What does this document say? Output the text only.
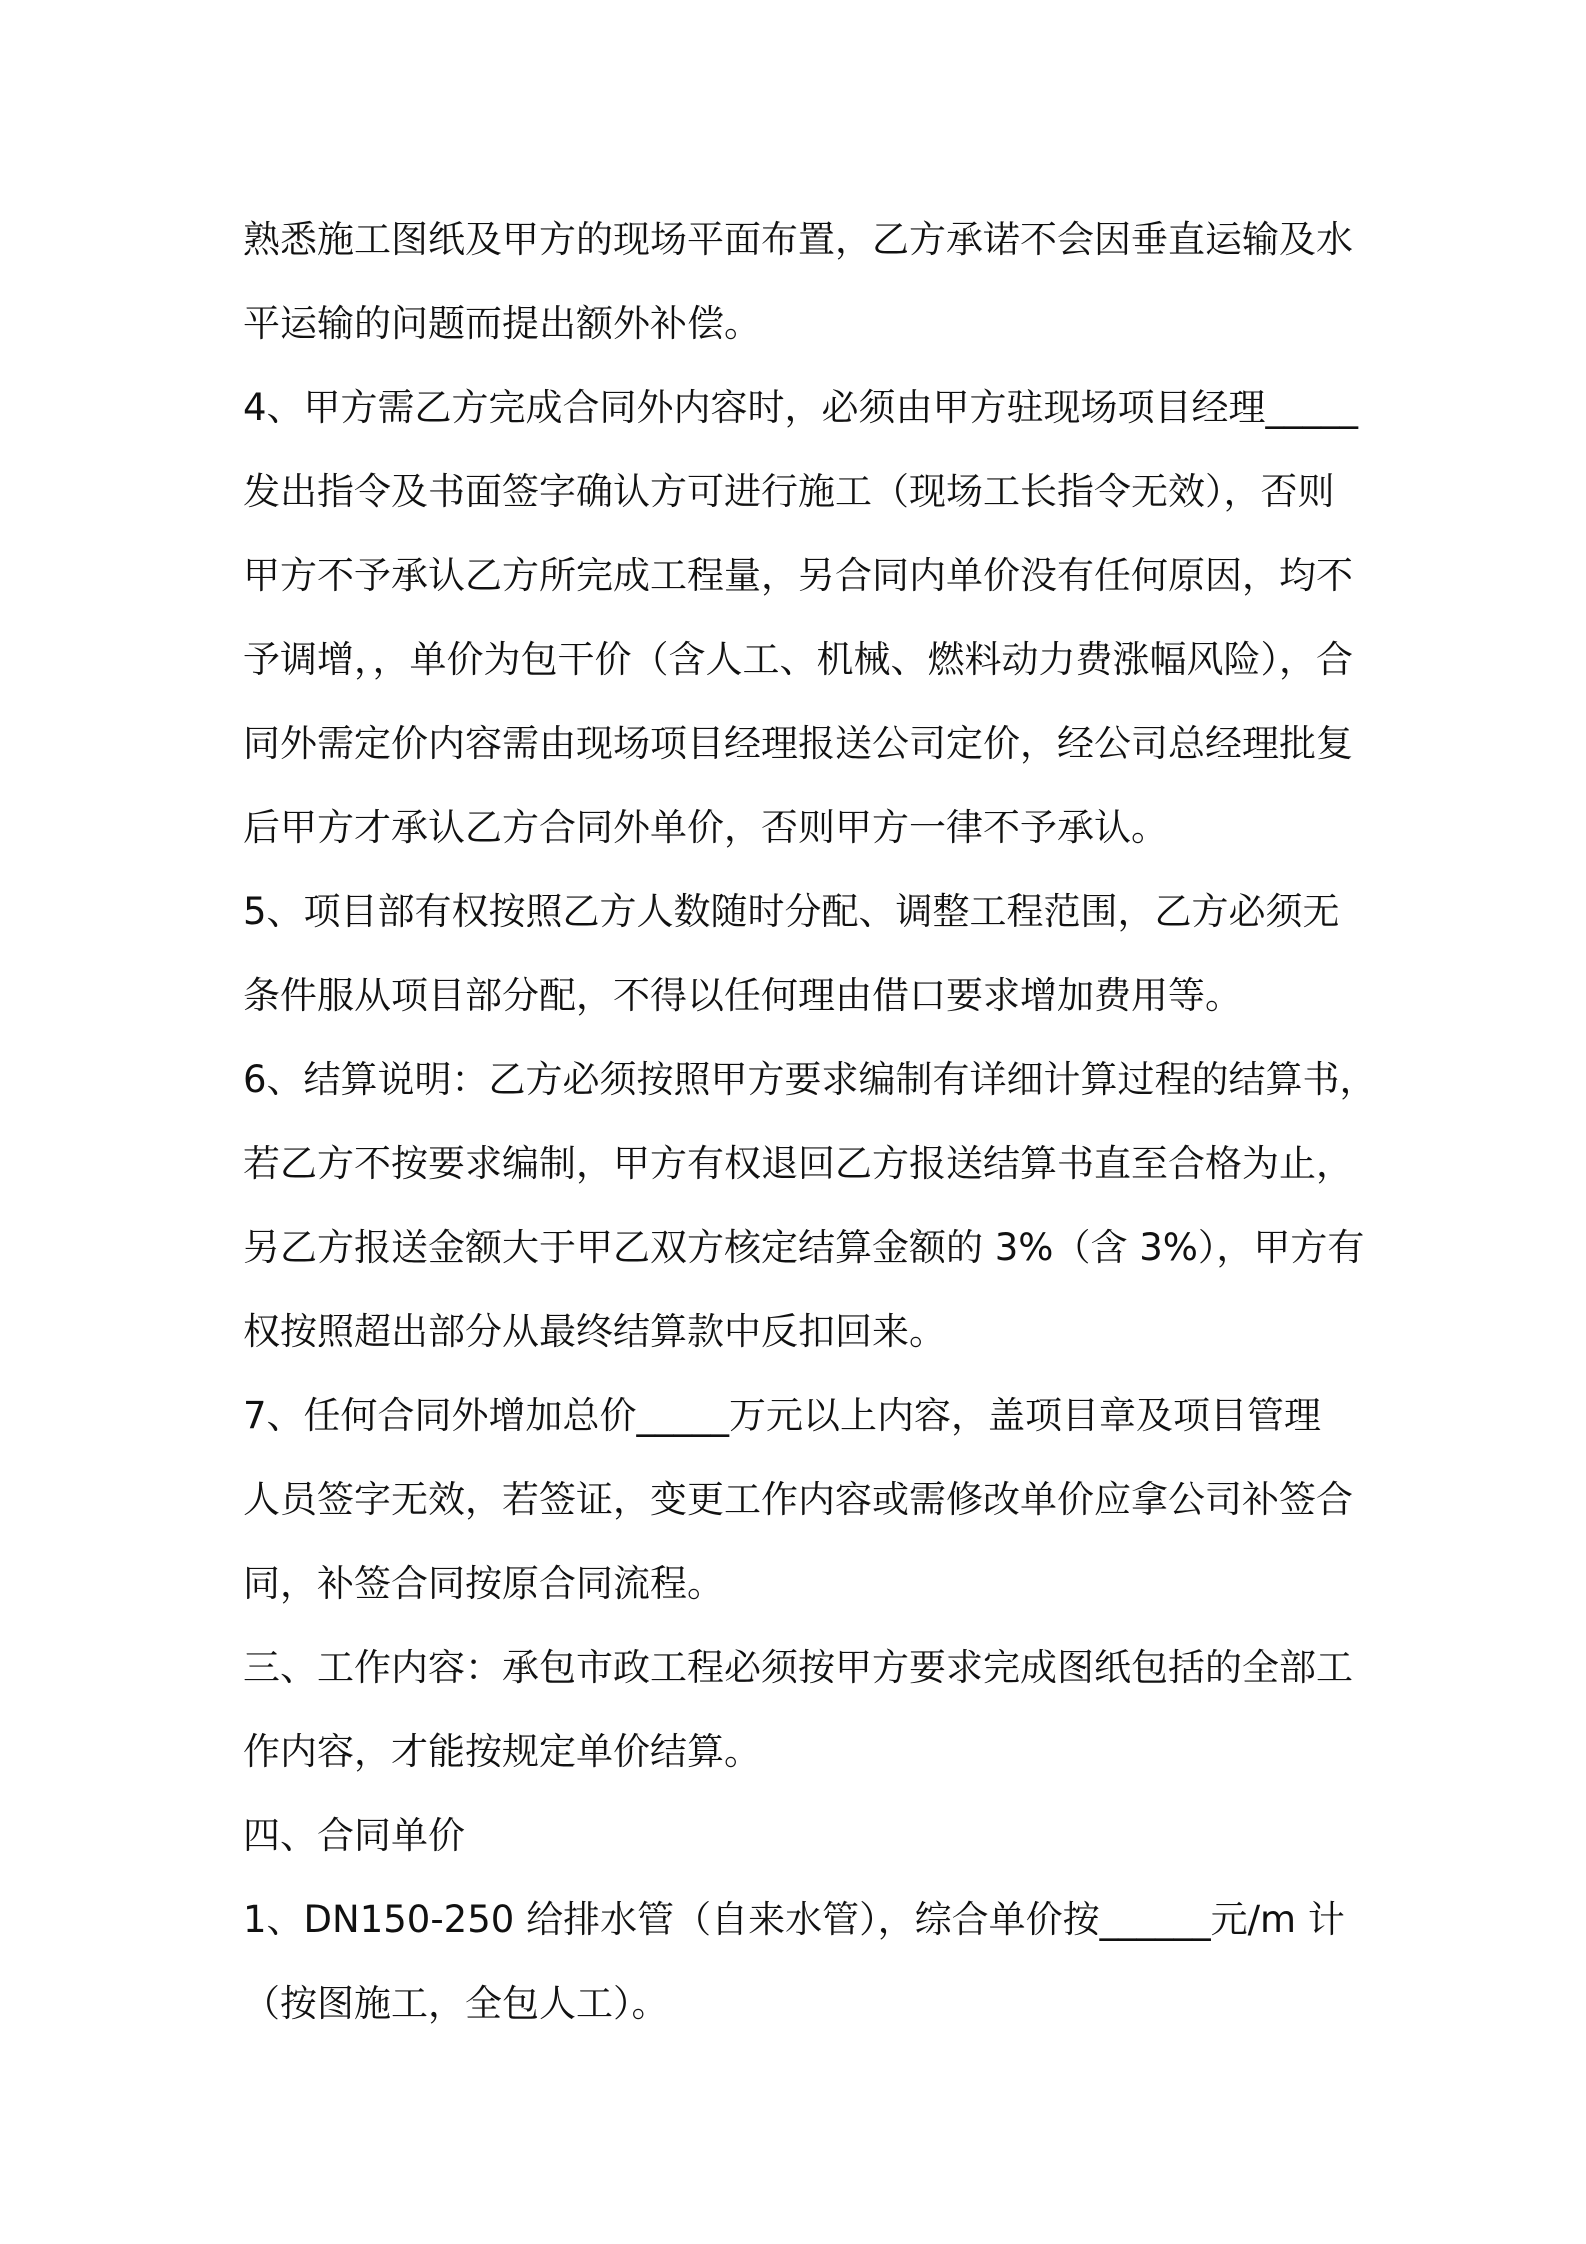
熟悉施工图纸及甲方的现场平面布置，乙方承诺不会因垂直运输及水
平运输的问题而提出额外补偿。
4、甲方需乙方完成合同外内容时，必须由甲方驻现场项目经理_____
发出指令及书面签字确认方可进行施工（现场工长指令无效），否则
甲方不予承认乙方所完成工程量，另合同内单价没有任何原因，均不
予调增，，单价为包干价（含人工、机械、燃料动力费涨幅风险），合
同外需定价内容需由现场项目经理报送公司定价，经公司总经理批复
后甲方才承认乙方合同外单价，否则甲方一律不予承认。
5、项目部有权按照乙方人数随时分配、调整工程范围，乙方必须无
条件服从项目部分配，不得以任何理由借口要求增加费用等。
6、结算说明：乙方必须按照甲方要求编制有详细计算过程的结算书，
若乙方不按要求编制，甲方有权退回乙方报送结算书直至合格为止，
另乙方报送金额大于甲乙双方核定结算金额的 3%（含 3%），甲方有
权按照超出部分从最终结算款中反扣回来。
7、任何合同外增加总价_____万元以上内容，盖项目章及项目管理
人员签字无效，若签证，变更工作内容或需修改单价应拿公司补签合
同，补签合同按原合同流程。
三、工作内容：承包市政工程必须按甲方要求完成图纸包括的全部工
作内容，才能按规定单价结算。
四、合同单价
1、DN150-250 给排水管（自来水管），综合单价按______元/m 计
（按图施工，全包人工）。
